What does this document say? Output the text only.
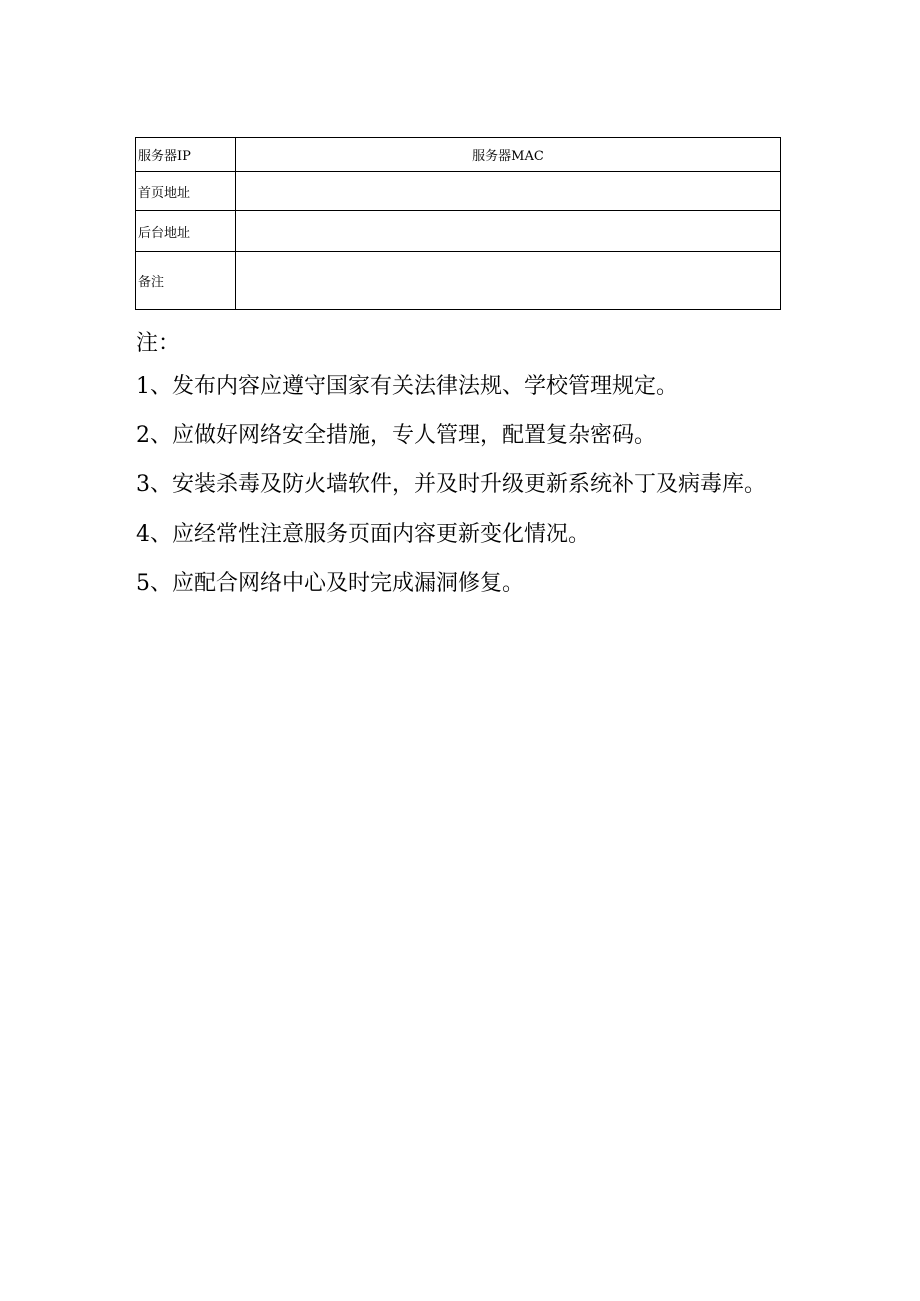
服务器IP	服务器MAC
首页地址	
后台地址	
备注	
注：
1、发布内容应遵守国家有关法律法规、学校管理规定。
2、应做好网络安全措施，专人管理，配置复杂密码。
3、安装杀毒及防火墙软件，并及时升级更新系统补丁及病毒库。
4、应经常性注意服务页面内容更新变化情况。
5、应配合网络中心及时完成漏洞修复。
